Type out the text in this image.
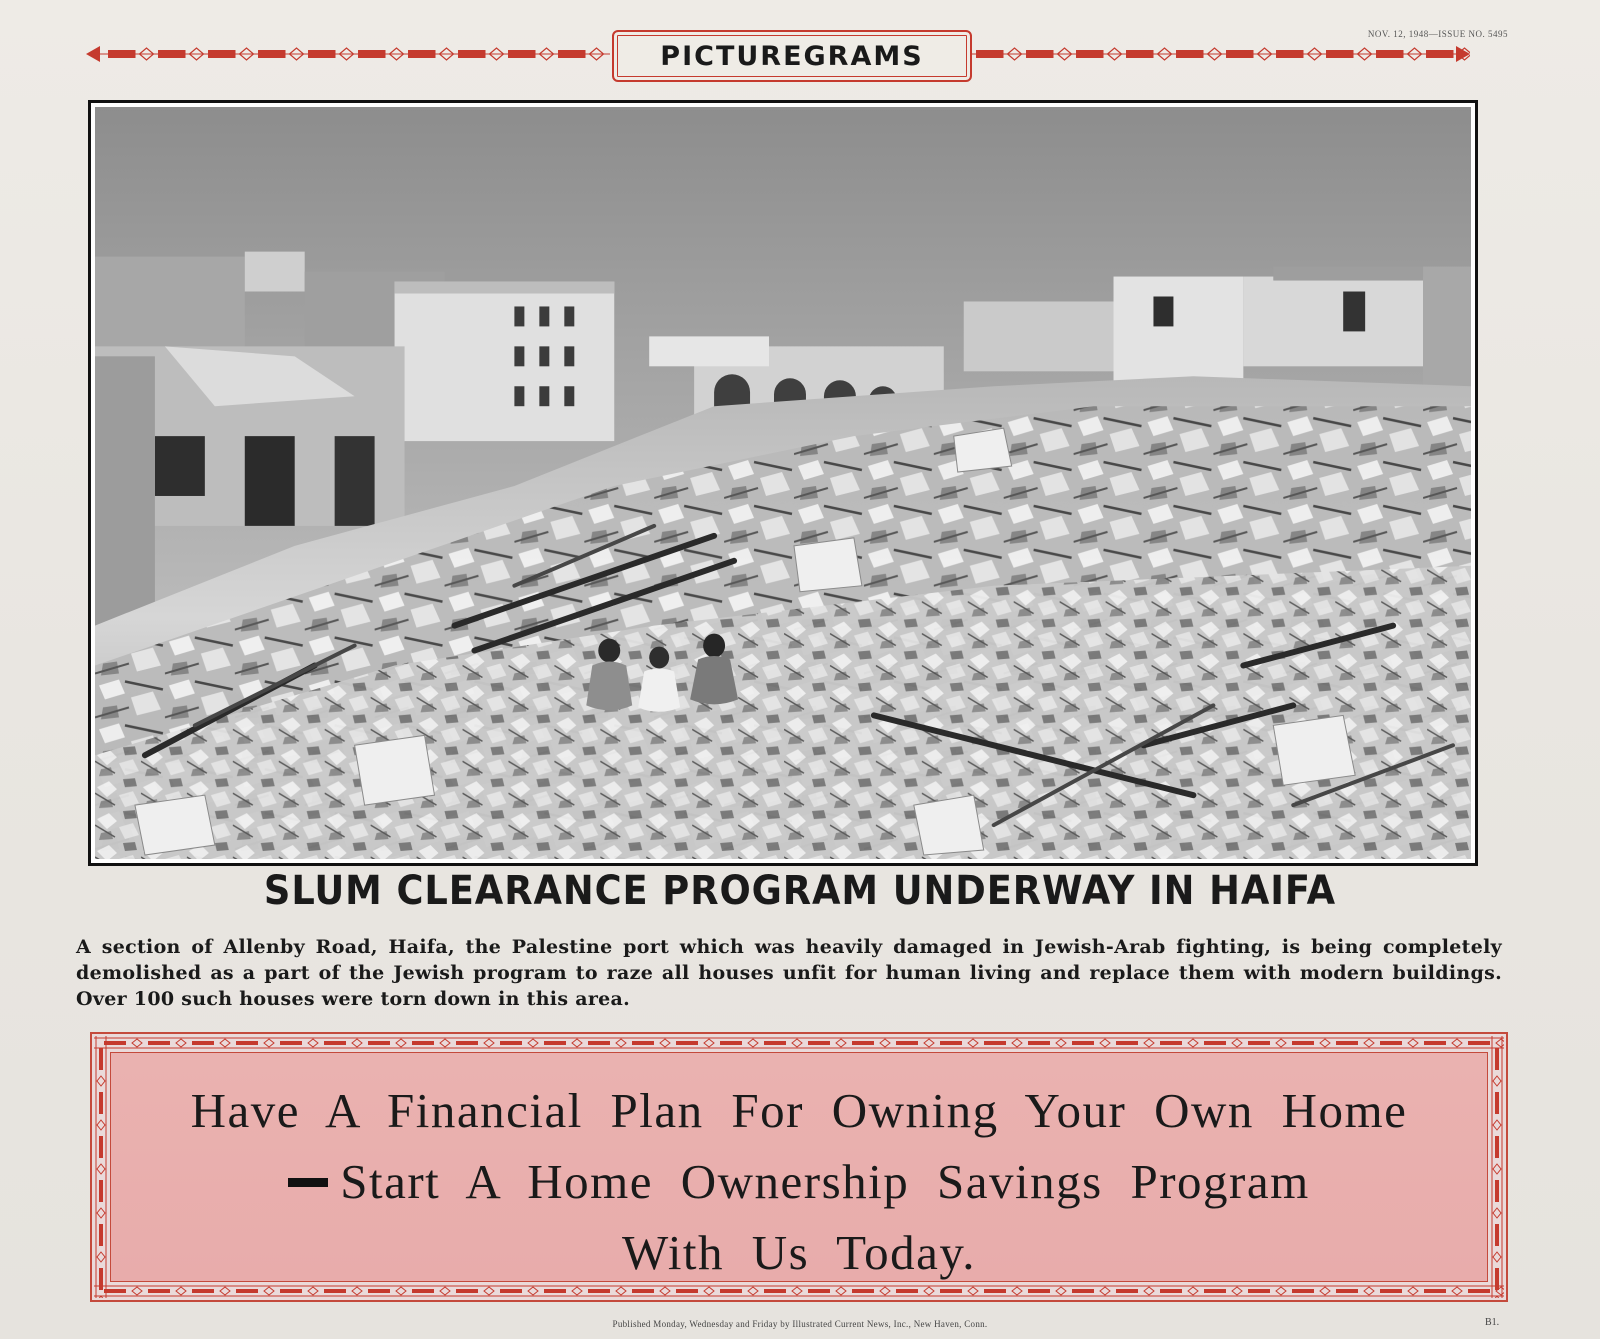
PICTUREGRAMS
NOV. 12, 1948—ISSUE NO. 5495
SLUM CLEARANCE PROGRAM UNDERWAY IN HAIFA
A section of Allenby Road, Haifa, the Palestine port which was heavily damaged in Jewish-Arab fighting, is being completely demolished as a part of the Jewish program to raze all houses unfit for human living and replace them with modern buildings. Over 100 such houses were torn down in this area.
Have A Financial Plan For Owning Your Own Home
Start A Home Ownership Savings Program
With Us Today.
Published Monday, Wednesday and Friday by Illustrated Current News, Inc., New Haven, Conn.	B1.
